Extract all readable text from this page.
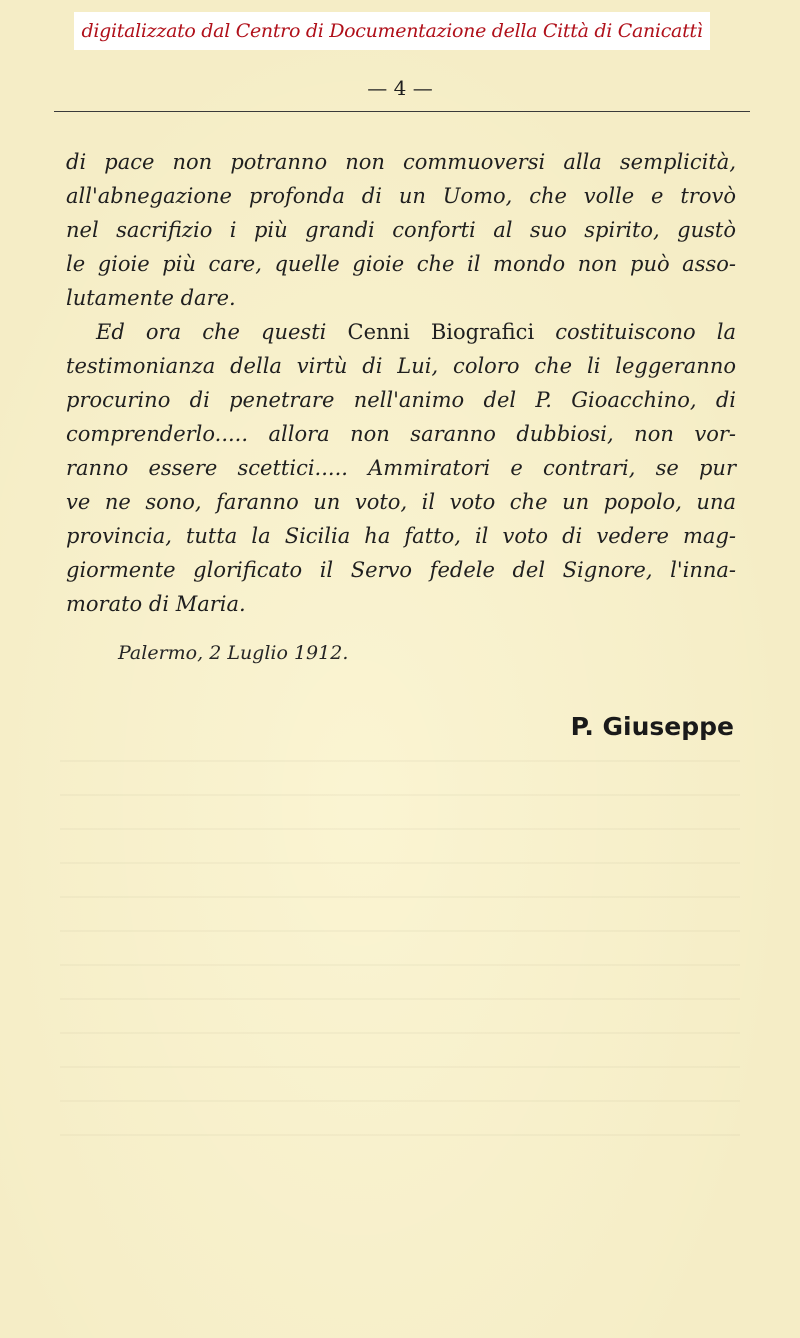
digitalizzato dal Centro di Documentazione della Città di Canicattì
— 4 —
di pace non potranno non commuoversi alla semplicità,
all'abnegazione profonda di un Uomo, che volle e trovò
nel sacrifizio i più grandi conforti al suo spirito, gustò
le gioie più care, quelle gioie che il mondo non può asso-
lutamente dare.
Ed ora che questi Cenni Biografici costituiscono la
testimonianza della virtù di Lui, coloro che li leggeranno
procurino di penetrare nell'animo del P. Gioacchino, di
comprenderlo..... allora non saranno dubbiosi, non vor-
ranno essere scettici..... Ammiratori e contrari, se pur
ve ne sono, faranno un voto, il voto che un popolo, una
provincia, tutta la Sicilia ha fatto, il voto di vedere mag-
giormente glorificato il Servo fedele del Signore, l'inna-
morato di Maria.
Palermo, 2 Luglio 1912.
P. Giuseppe
